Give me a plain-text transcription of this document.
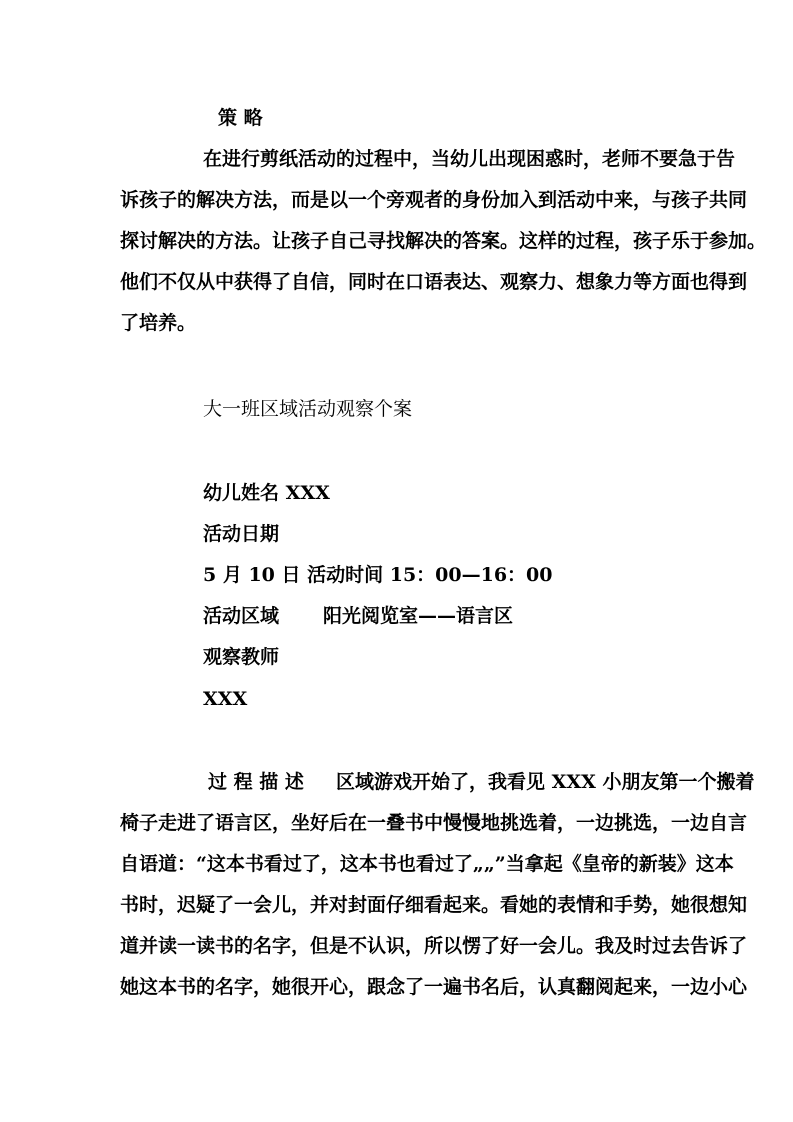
策 略
在进行剪纸活动的过程中，当幼儿出现困惑时，老师不要急于告
诉孩子的解决方法，而是以一个旁观者的身份加入到活动中来，与孩子共同
探讨解决的方法。让孩子自己寻找解决的答案。这样的过程，孩子乐于参加。
他们不仅从中获得了自信，同时在口语表达、观察力、想象力等方面也得到
了培养。
大一班区域活动观察个案
幼儿姓名 XXX
活动日期
5 月 10 日 活动时间 15：00—16：00
活动区域 阳光阅览室——语言区
观察教师
XXX
过 程 描 述 区域游戏开始了，我看见 XXX 小朋友第一个搬着
椅子走进了语言区，坐好后在一叠书中慢慢地挑选着，一边挑选，一边自言
自语道：“这本书看过了，这本书也看过了„„”当拿起《皇帝的新装》这本
书时，迟疑了一会儿，并对封面仔细看起来。看她的表情和手势，她很想知
道并读一读书的名字，但是不认识，所以愣了好一会儿。我及时过去告诉了
她这本书的名字，她很开心，跟念了一遍书名后，认真翻阅起来，一边小心
